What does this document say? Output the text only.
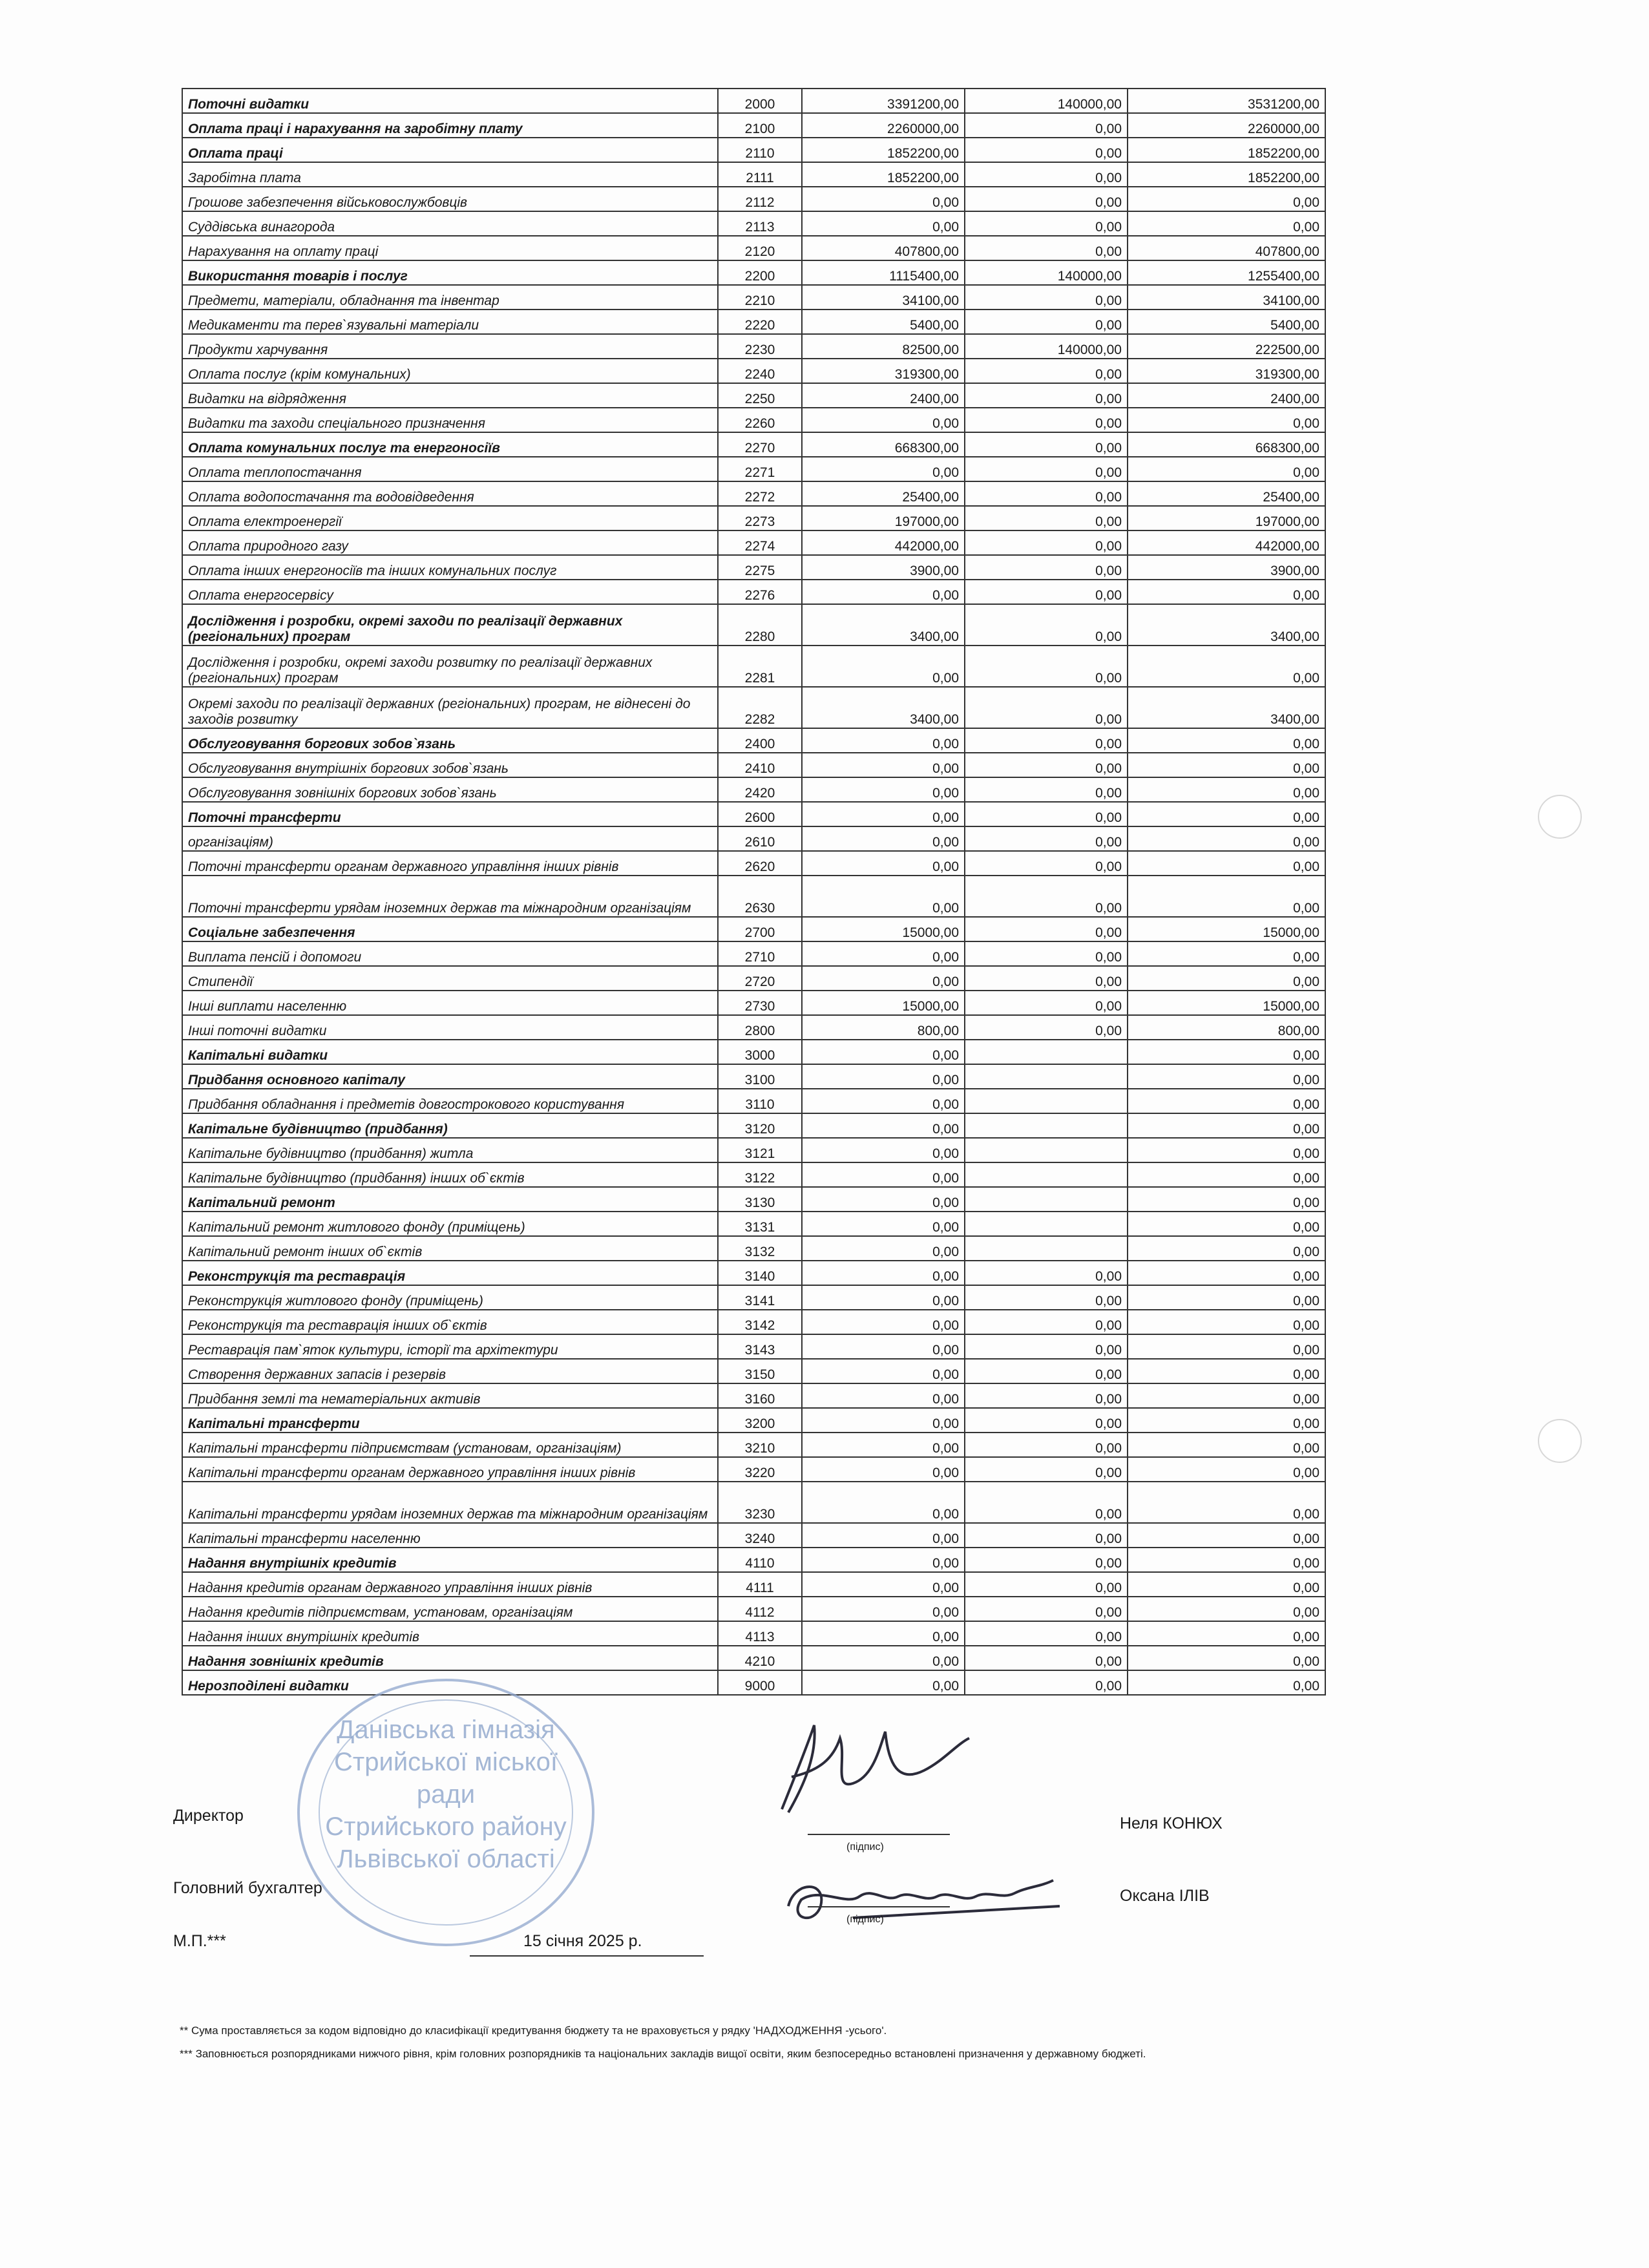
Поточні видатки	2000	3391200,00	140000,00	3531200,00
Оплата праці і нарахування на заробітну плату	2100	2260000,00	0,00	2260000,00
Оплата праці	2110	1852200,00	0,00	1852200,00
Заробітна плата	2111	1852200,00	0,00	1852200,00
Грошове забезпечення військовослужбовців	2112	0,00	0,00	0,00
Суддівська винагорода	2113	0,00	0,00	0,00
Нарахування на оплату праці	2120	407800,00	0,00	407800,00
Використання товарів і послуг	2200	1115400,00	140000,00	1255400,00
Предмети, матеріали, обладнання та інвентар	2210	34100,00	0,00	34100,00
Медикаменти та перев`язувальні матеріали	2220	5400,00	0,00	5400,00
Продукти харчування	2230	82500,00	140000,00	222500,00
Оплата послуг (крім комунальних)	2240	319300,00	0,00	319300,00
Видатки на відрядження	2250	2400,00	0,00	2400,00
Видатки та заходи спеціального призначення	2260	0,00	0,00	0,00
Оплата комунальних послуг та енергоносіїв	2270	668300,00	0,00	668300,00
Оплата теплопостачання	2271	0,00	0,00	0,00
Оплата водопостачання та водовідведення	2272	25400,00	0,00	25400,00
Оплата електроенергії	2273	197000,00	0,00	197000,00
Оплата природного газу	2274	442000,00	0,00	442000,00
Оплата інших енергоносіїв та інших комунальних послуг	2275	3900,00	0,00	3900,00
Оплата енергосервісу	2276	0,00	0,00	0,00
Дослідження і розробки, окремі заходи по реалізації державних (регіональних) програм	2280	3400,00	0,00	3400,00
Дослідження і розробки, окремі заходи розвитку по реалізації державних (регіональних) програм	2281	0,00	0,00	0,00
Окремі заходи по реалізації державних (регіональних) програм, не віднесені до заходів розвитку	2282	3400,00	0,00	3400,00
Обслуговування боргових зобов`язань	2400	0,00	0,00	0,00
Обслуговування внутрішніх боргових зобов`язань	2410	0,00	0,00	0,00
Обслуговування зовнішніх боргових зобов`язань	2420	0,00	0,00	0,00
Поточні трансферти	2600	0,00	0,00	0,00
організаціям)	2610	0,00	0,00	0,00
Поточні трансферти органам державного управління інших рівнів	2620	0,00	0,00	0,00
Поточні трансферти урядам іноземних держав та міжнародним організаціям	2630	0,00	0,00	0,00
Соціальне забезпечення	2700	15000,00	0,00	15000,00
Виплата пенсій і допомоги	2710	0,00	0,00	0,00
Стипендії	2720	0,00	0,00	0,00
Інші виплати населенню	2730	15000,00	0,00	15000,00
Інші поточні видатки	2800	800,00	0,00	800,00
Капітальні видатки	3000	0,00		0,00
Придбання основного капіталу	3100	0,00		0,00
Придбання обладнання і предметів довгострокового користування	3110	0,00		0,00
Капітальне будівництво (придбання)	3120	0,00		0,00
Капітальне будівництво (придбання) житла	3121	0,00		0,00
Капітальне будівництво (придбання) інших об`єктів	3122	0,00		0,00
Капітальний ремонт	3130	0,00		0,00
Капітальний ремонт житлового фонду (приміщень)	3131	0,00		0,00
Капітальний ремонт інших об`єктів	3132	0,00		0,00
Реконструкція та реставрація	3140	0,00	0,00	0,00
Реконструкція житлового фонду (приміщень)	3141	0,00	0,00	0,00
Реконструкція та реставрація інших об`єктів	3142	0,00	0,00	0,00
Реставрація пам`яток культури, історії та архітектури	3143	0,00	0,00	0,00
Створення державних запасів і резервів	3150	0,00	0,00	0,00
Придбання землі та нематеріальних активів	3160	0,00	0,00	0,00
Капітальні трансферти	3200	0,00	0,00	0,00
Капітальні трансферти підприємствам (установам, організаціям)	3210	0,00	0,00	0,00
Капітальні трансферти органам державного управління інших рівнів	3220	0,00	0,00	0,00
Капітальні трансферти урядам іноземних держав та міжнародним організаціям	3230	0,00	0,00	0,00
Капітальні трансферти населенню	3240	0,00	0,00	0,00
Надання внутрішніх кредитів	4110	0,00	0,00	0,00
Надання кредитів органам державного управління інших рівнів	4111	0,00	0,00	0,00
Надання кредитів підприємствам, установам, організаціям	4112	0,00	0,00	0,00
Надання інших внутрішніх кредитів	4113	0,00	0,00	0,00
Надання зовнішніх кредитів	4210	0,00	0,00	0,00
Нерозподілені видатки	9000	0,00	0,00	0,00
Данівська гімназія
Стрийської міської
ради
Стрийського району
Львівської області
Директор
(підпис)
Неля КОНЮХ
Головний бухгалтер
(підпис)
Оксана ІЛІВ
М.П.***	15 січня 2025 р.
** Сума проставляється за кодом відповідно до класифікації кредитування бюджету та не враховується у рядку 'НАДХОДЖЕННЯ -усього'.
*** Заповнюється розпорядниками нижчого рівня, крім головних розпорядників та національних закладів вищої освіти, яким безпосередньо встановлені призначення у державному бюджеті.
